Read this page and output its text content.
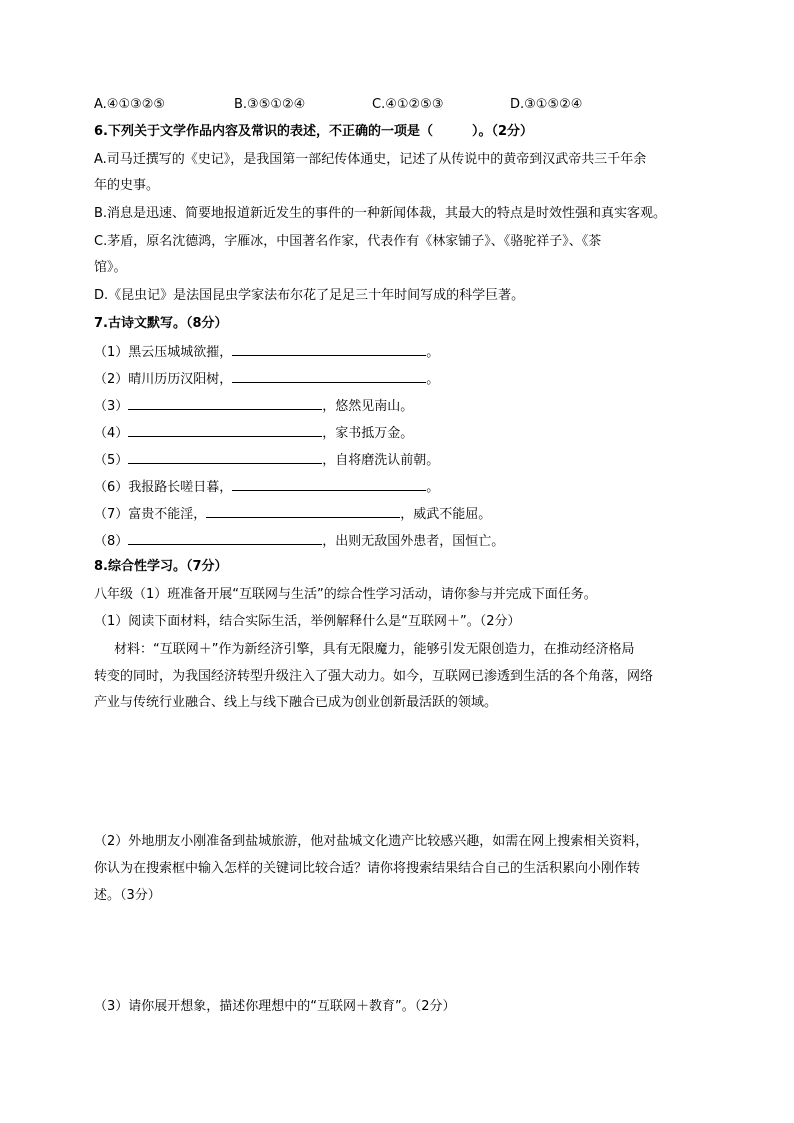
A.④①③②⑤	B.③⑤①②④	C.④①②⑤③	D.③①⑤②④
6.下列关于文学作品内容及常识的表述，不正确的一项是（　　　）。（2分）
A.司马迁撰写的《史记》，是我国第一部纪传体通史，记述了从传说中的黄帝到汉武帝共三千年余
年的史事。
B.消息是迅速、简要地报道新近发生的事件的一种新闻体裁，其最大的特点是时效性强和真实客观。
C.茅盾，原名沈德鸿，字雁冰，中国著名作家，代表作有《林家铺子》、《骆驼祥子》、《茶
馆》。
D.《昆虫记》是法国昆虫学家法布尔花了足足三十年时间写成的科学巨著。
7.古诗文默写。（8分）
（1）黑云压城城欲摧，	。
（2）晴川历历汉阳树，	。
（3）	，悠然见南山。
（4）	，家书抵万金。
（5）	，自将磨洗认前朝。
（6）我报路长嗟日暮，	。
（7）富贵不能淫，	，威武不能屈。
（8）	，出则无敌国外患者，国恒亡。
8.综合性学习。（7分）
八年级（1）班准备开展“互联网与生活”的综合性学习活动，请你参与并完成下面任务。
（1）阅读下面材料，结合实际生活，举例解释什么是“互联网＋”。（2分）
材料：“互联网＋”作为新经济引擎，具有无限魔力，能够引发无限创造力，在推动经济格局
转变的同时，为我国经济转型升级注入了强大动力。如今，互联网已渗透到生活的各个角落，网络
产业与传统行业融合、线上与线下融合已成为创业创新最活跃的领域。
（2）外地朋友小刚准备到盐城旅游，他对盐城文化遗产比较感兴趣，如需在网上搜索相关资料，
你认为在搜索框中输入怎样的关键词比较合适？请你将搜索结果结合自己的生活积累向小刚作转
述。（3分）
（3）请你展开想象，描述你理想中的“互联网＋教育”。（2分）
